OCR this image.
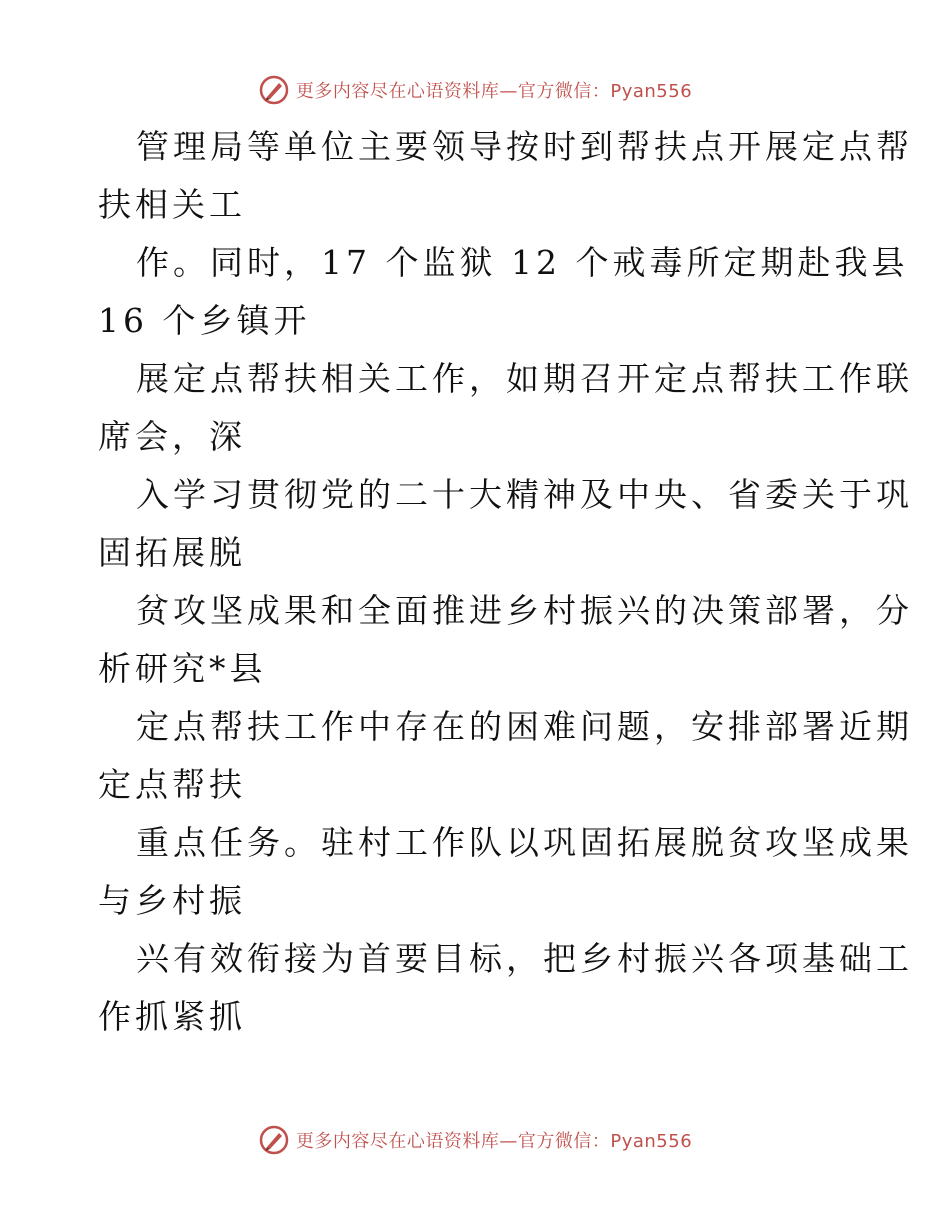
更多内容尽在心语资料库—官方微信：Pyan556

管理局等单位主要领导按时到帮扶点开展定点帮
扶相关工

作。同时，17 个监狱 12 个戒毒所定期赴我县
16 个乡镇开

展定点帮扶相关工作，如期召开定点帮扶工作联
席会，深

入学习贯彻党的二十大精神及中央、省委关于巩
固拓展脱

贫攻坚成果和全面推进乡村振兴的决策部署，分
析研究*县

定点帮扶工作中存在的困难问题，安排部署近期
定点帮扶

重点任务。驻村工作队以巩固拓展脱贫攻坚成果
与乡村振

兴有效衔接为首要目标，把乡村振兴各项基础工
作抓紧抓

更多内容尽在心语资料库—官方微信：Pyan556
